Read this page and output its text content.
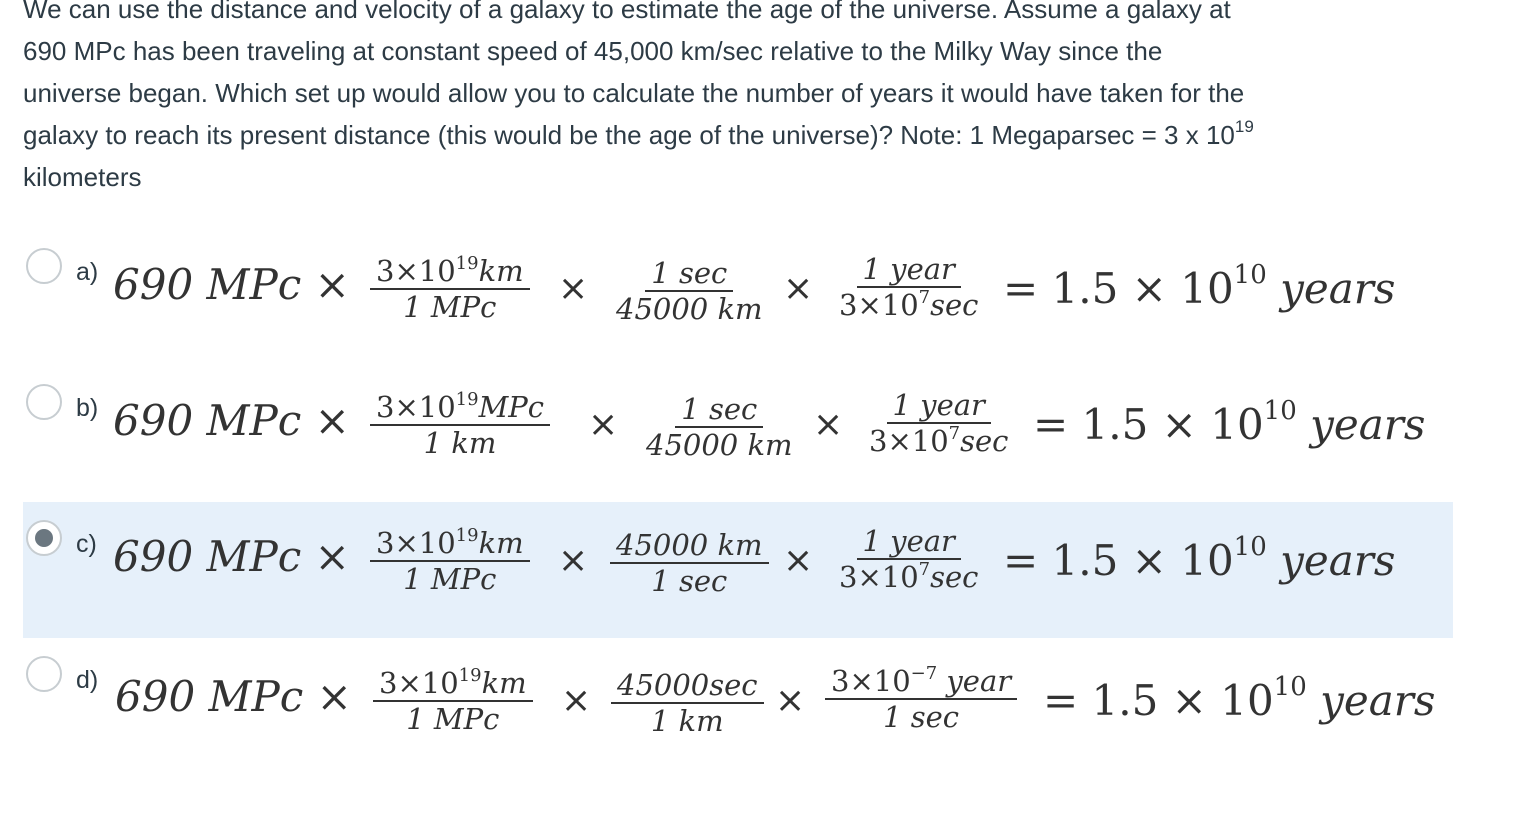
We can use the distance and velocity of a galaxy to estimate the age of the universe. Assume a galaxy at
690 MPc has been traveling at constant speed of 45,000 km/sec relative to the Milky Way since the
universe began. Which set up would allow you to calculate the number of years it would have taken for the
galaxy to reach its present distance (this would be the age of the universe)? Note: 1 Megaparsec = 3 x $10^{19}$
kilometers
a) 690 MPc × $3\times 10^{19}km$
1 MPc × 1 sec
45000 km × 1 year
$3\times 10^7\sec = 1.5 \times 10^{10}$ years
b) 690 MPc × $3\times 10^{19}MPc$
1 km	× 1 sec
45000 km × 1 year
$3\times 10^7\sec = 1.5 \times 10^{10}$ years
c) 690 MPc × $3\times 10^{19}km$
1 MPc × 45000 km
1 sec × 1 year
$3\times 10^7\sec = 1.5 \times 10^{10}$ years
d) 690 MPc × $3\times 10^{19}km$
1 MPc × 45000sec
1 km × $3\times 10^{-7}$ year
1 $\sec = 1.5 \times 10^{10}$ years
